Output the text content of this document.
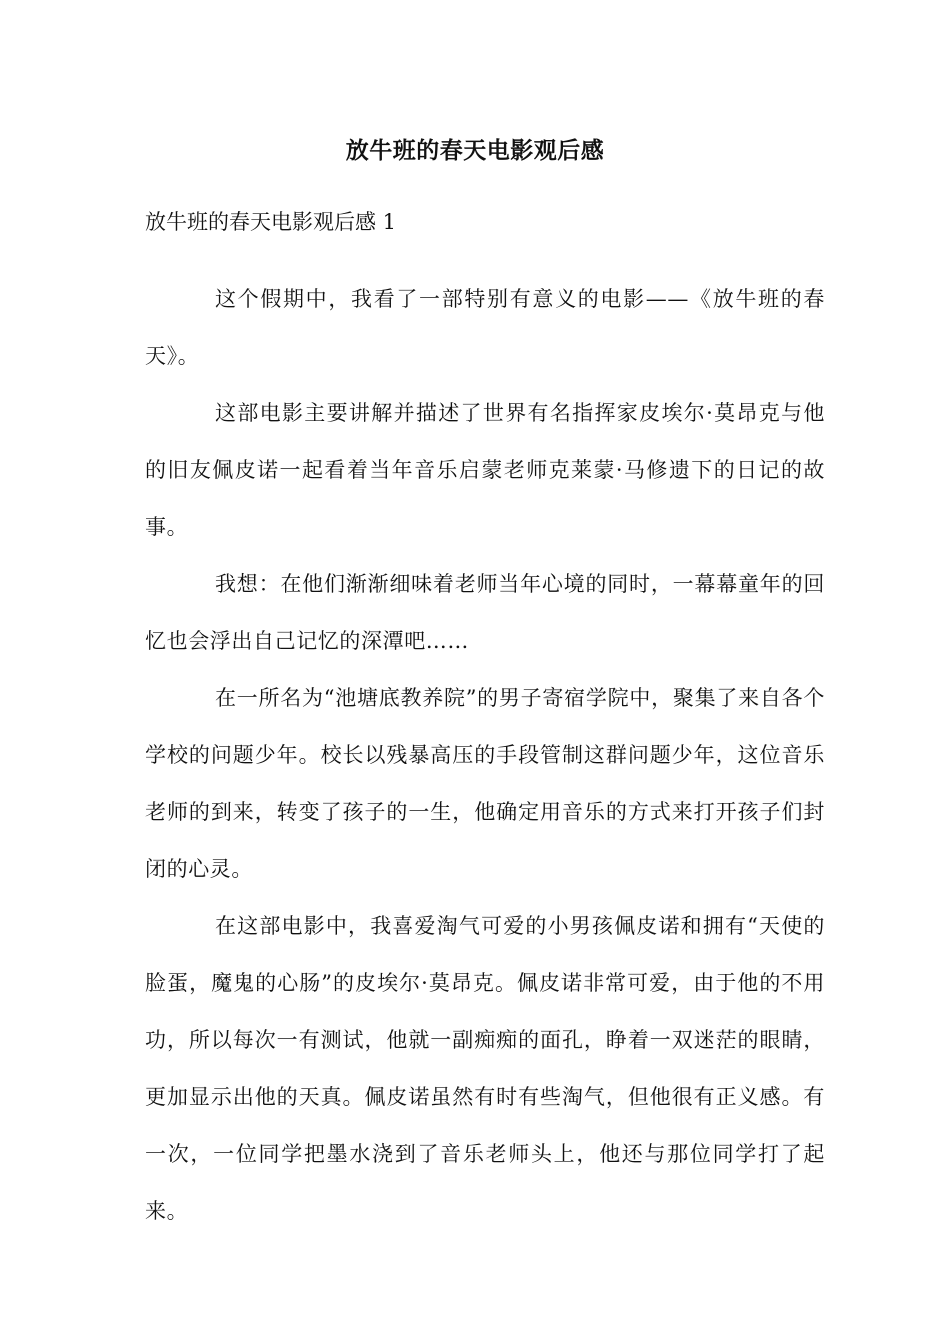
放牛班的春天电影观后感
放牛班的春天电影观后感 1

这个假期中，我看了一部特别有意义的电影——《放牛班的春天》。

这部电影主要讲解并描述了世界有名指挥家皮埃尔·莫昂克与他的旧友佩皮诺一起看着当年音乐启蒙老师克莱蒙·马修遗下的日记的故事。

我想：在他们渐渐细味着老师当年心境的同时，一幕幕童年的回忆也会浮出自己记忆的深潭吧……

在一所名为“池塘底教养院”的男子寄宿学院中，聚集了来自各个学校的问题少年。校长以残暴高压的手段管制这群问题少年，这位音乐老师的到来，转变了孩子的一生，他确定用音乐的方式来打开孩子们封闭的心灵。

在这部电影中，我喜爱淘气可爱的小男孩佩皮诺和拥有“天使的脸蛋，魔鬼的心肠”的皮埃尔·莫昂克。佩皮诺非常可爱，由于他的不用功，所以每次一有测试，他就一副痴痴的面孔，睁着一双迷茫的眼睛，更加显示出他的天真。佩皮诺虽然有时有些淘气，但他很有正义感。有一次，一位同学把墨水浇到了音乐老师头上，他还与那位同学打了起来。
